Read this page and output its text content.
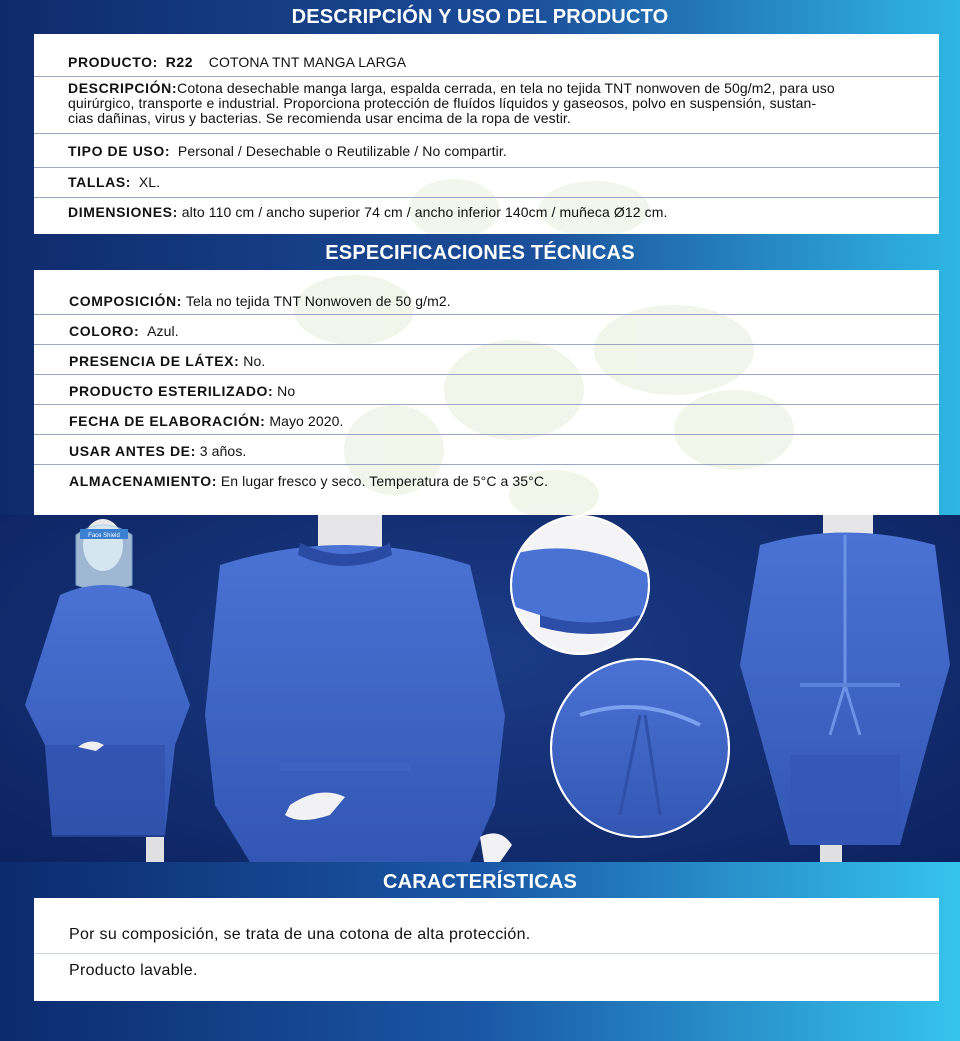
DESCRIPCIÓN Y USO DEL PRODUCTO
PRODUCTO: R22 COTONA TNT MANGA LARGA
DESCRIPCIÓN:Cotona desechable manga larga, espalda cerrada, en tela no tejida TNT nonwoven de 50g/m2, para uso
quirúrgico, transporte e industrial. Proporciona protección de fluídos líquidos y gaseosos, polvo en suspensión, sustan-
cias dañinas, virus y bacterias. Se recomienda usar encima de la ropa de vestir.
TIPO DE USO: Personal / Desechable o Reutilizable / No compartir.
TALLAS: XL.
DIMENSIONES: alto 110 cm / ancho superior 74 cm / ancho inferior 140cm / muñeca Ø12 cm.
ESPECIFICACIONES TÉCNICAS
COMPOSICIÓN: Tela no tejida TNT Nonwoven de 50 g/m2.
COLORO: Azul.
PRESENCIA DE LÁTEX: No.
PRODUCTO ESTERILIZADO: No
FECHA DE ELABORACIÓN: Mayo 2020.
USAR ANTES DE: 3 años.
ALMACENAMIENTO: En lugar fresco y seco. Temperatura de 5°C a 35°C.
Face Shield
CARACTERÍSTICAS
Por su composición, se trata de una cotona de alta protección.
Producto lavable.
